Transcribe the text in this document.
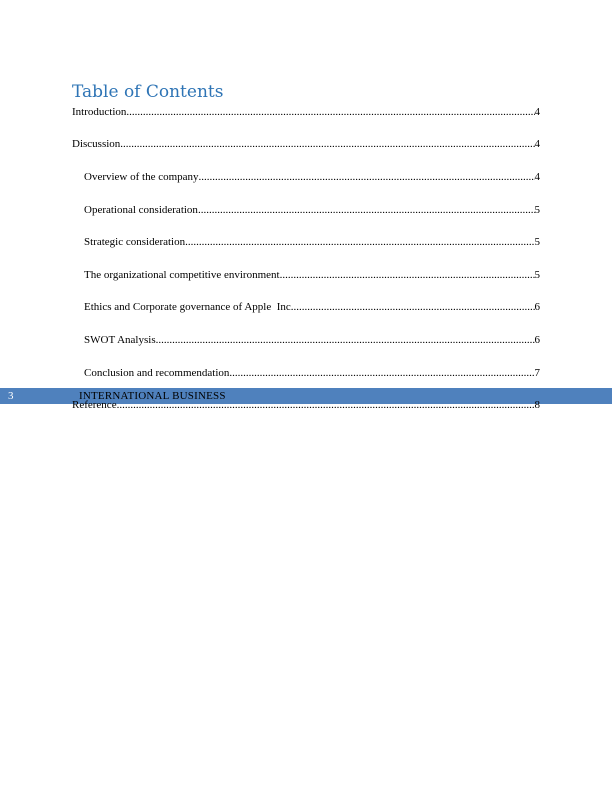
Table of Contents
Introduction .....	4
Discussion .....	4
Overview of the company .....	4
Operational consideration .....	5
Strategic consideration .....	5
The organizational competitive environment .....	5
Ethics and Corporate governance of Apple  Inc .....	6
SWOT Analysis .....	6
Conclusion and recommendation .....	7
3	INTERNATIONAL BUSINESS
Reference .....	8
